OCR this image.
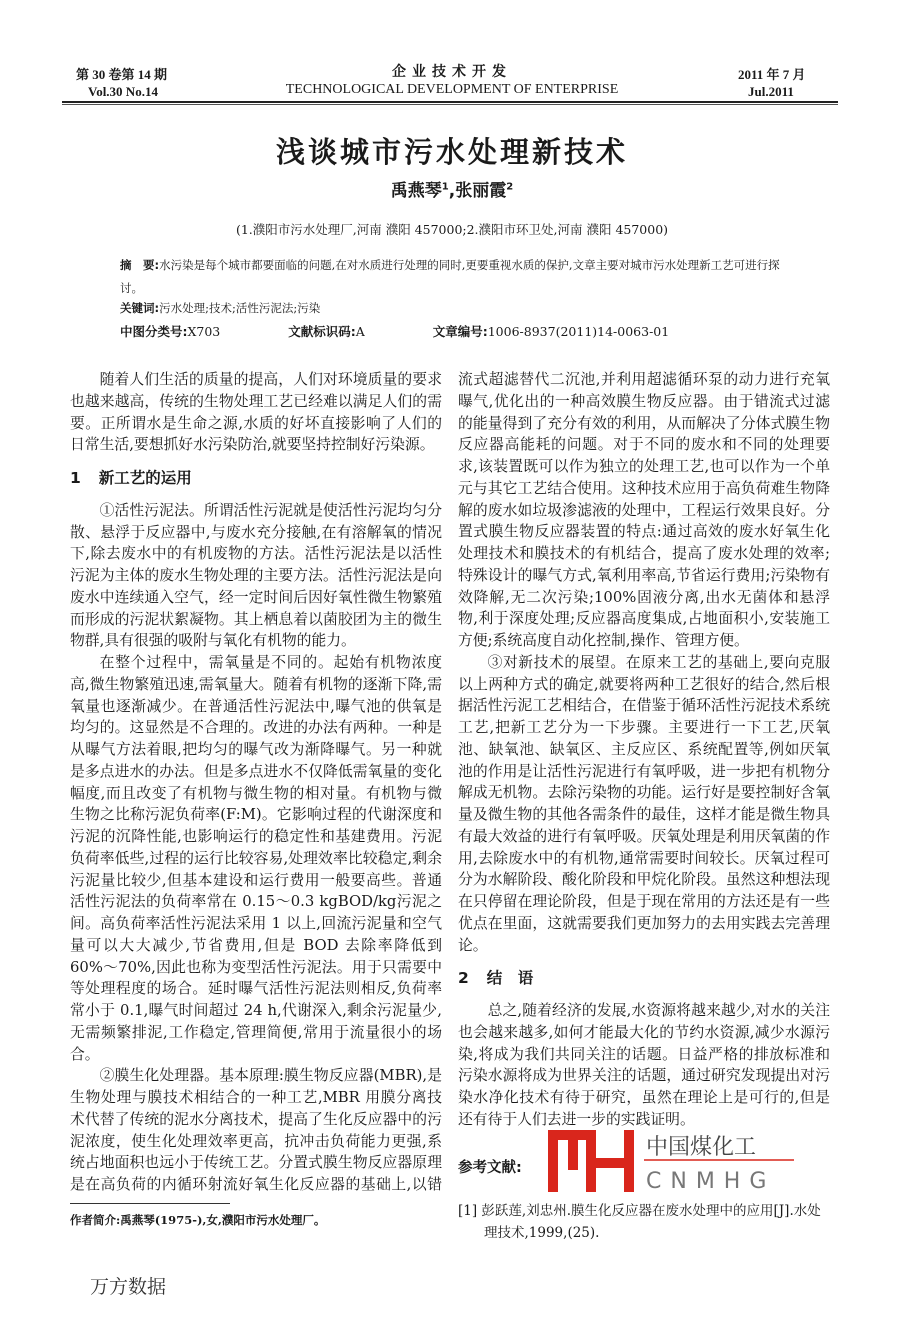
第 30 卷第 14 期
Vol.30 No.14
企业技术开发
TECHNOLOGICAL DEVELOPMENT OF ENTERPRISE
2011 年 7 月
Jul.2011
浅谈城市污水处理新技术
禹燕琴$^1$,张丽霞$^2$
(1.濮阳市污水处理厂,河南 濮阳 457000;2.濮阳市环卫处,河南 濮阳 457000)
摘　要:水污染是每个城市都要面临的问题,在对水质进行处理的同时,更要重视水质的保护,文章主要对城市污水处理新工艺可进行探讨。
关键词:污水处理;技术;活性污泥法;污染
中图分类号:X703	文献标识码:A	文章编号:1006-8937(2011)14-0063-01

随着人们生活的质量的提高，人们对环境质量的要求也越来越高，传统的生物处理工艺已经难以满足人们的需要。正所谓水是生命之源,水质的好坏直接影响了人们的日常生活,要想抓好水污染防治,就要坚持控制好污染源。

1 新工艺的运用

①活性污泥法。所谓活性污泥就是使活性污泥均匀分散、悬浮于反应器中,与废水充分接触,在有溶解氧的情况下,除去废水中的有机废物的方法。活性污泥法是以活性污泥为主体的废水生物处理的主要方法。活性污泥法是向废水中连续通入空气，经一定时间后因好氧性微生物繁殖而形成的污泥状絮凝物。其上栖息着以菌胶团为主的微生物群,具有很强的吸附与氧化有机物的能力。

在整个过程中，需氧量是不同的。起始有机物浓度高,微生物繁殖迅速,需氧量大。随着有机物的逐渐下降,需氧量也逐渐减少。在普通活性污泥法中,曝气池的供氧是均匀的。这显然是不合理的。改进的办法有两种。一种是从曝气方法着眼,把均匀的曝气改为渐降曝气。另一种就是多点进水的办法。但是多点进水不仅降低需氧量的变化幅度,而且改变了有机物与微生物的相对量。有机物与微生物之比称污泥负荷率(F:M)。它影响过程的代谢深度和污泥的沉降性能,也影响运行的稳定性和基建费用。污泥负荷率低些,过程的运行比较容易,处理效率比较稳定,剩余污泥量比较少,但基本建设和运行费用一般要高些。普通活性污泥法的负荷率常在 0.15～0.3 kgBOD/kg污泥之间。高负荷率活性污泥法采用 1 以上,回流污泥量和空气量可以大大减少,节省费用,但是 BOD 去除率降低到 60%～70%,因此也称为变型活性污泥法。用于只需要中等处理程度的场合。延时曝气活性污泥法则相反,负荷率常小于 0.1,曝气时间超过 24 h,代谢深入,剩余污泥量少,无需频繁排泥,工作稳定,管理简便,常用于流量很小的场合。

②膜生化处理器。基本原理:膜生物反应器(MBR),是生物处理与膜技术相结合的一种工艺,MBR 用膜分离技术代替了传统的泥水分离技术，提高了生化反应器中的污泥浓度，使生化处理效率更高，抗冲击负荷能力更强,系统占地面积也远小于传统工艺。分置式膜生物反应器原理是在高负荷的内循环射流好氧生化反应器的基础上,以错流式超滤替代二沉池,并利用超滤循环泵的动力进行充氧曝气,优化出的一种高效膜生物反应器。由于错流式过滤的能量得到了充分有效的利用，从而解决了分体式膜生物反应器高能耗的问题。对于不同的废水和不同的处理要求,该装置既可以作为独立的处理工艺,也可以作为一个单元与其它工艺结合使用。这种技术应用于高负荷难生物降解的废水如垃圾渗滤液的处理中，工程运行效果良好。分置式膜生物反应器装置的特点:通过高效的废水好氧生化处理技术和膜技术的有机结合，提高了废水处理的效率;特殊设计的曝气方式,氧利用率高,节省运行费用;污染物有效降解,无二次污染;100%固液分离,出水无菌体和悬浮物,利于深度处理;反应器高度集成,占地面积小,安装施工方便;系统高度自动化控制,操作、管理方便。

③对新技术的展望。在原来工艺的基础上,要向克服以上两种方式的确定,就要将两种工艺很好的结合,然后根据活性污泥工艺相结合，在借鉴于循环活性污泥技术系统工艺,把新工艺分为一下步骤。主要进行一下工艺,厌氧池、缺氧池、缺氧区、主反应区、系统配置等,例如厌氧池的作用是让活性污泥进行有氧呼吸，进一步把有机物分解成无机物。去除污染物的功能。运行好是要控制好含氧量及微生物的其他各需条件的最佳，这样才能是微生物具有最大效益的进行有氧呼吸。厌氧处理是利用厌氧菌的作用,去除废水中的有机物,通常需要时间较长。厌氧过程可分为水解阶段、酸化阶段和甲烷化阶段。虽然这种想法现在只停留在理论阶段，但是于现在常用的方法还是有一些优点在里面，这就需要我们更加努力的去用实践去完善理论。

2 结　语

总之,随着经济的发展,水资源将越来越少,对水的关注也会越来越多,如何才能最大化的节约水资源,减少水源污染,将成为我们共同关注的话题。日益严格的排放标准和污染水源将成为世界关注的话题，通过研究发现提出对污染水净化技术有待于研究，虽然在理论上是可行的,但是还有待于人们去进一步的实践证明。

参考文献:
[1] 彭跃莲,刘忠州.膜生化反应器在废水处理中的应用[J].水处理技术,1999,(25).
作者简介:禹燕琴(1975-),女,濮阳市污水处理厂。
万方数据
中国煤化工
CNMHG
